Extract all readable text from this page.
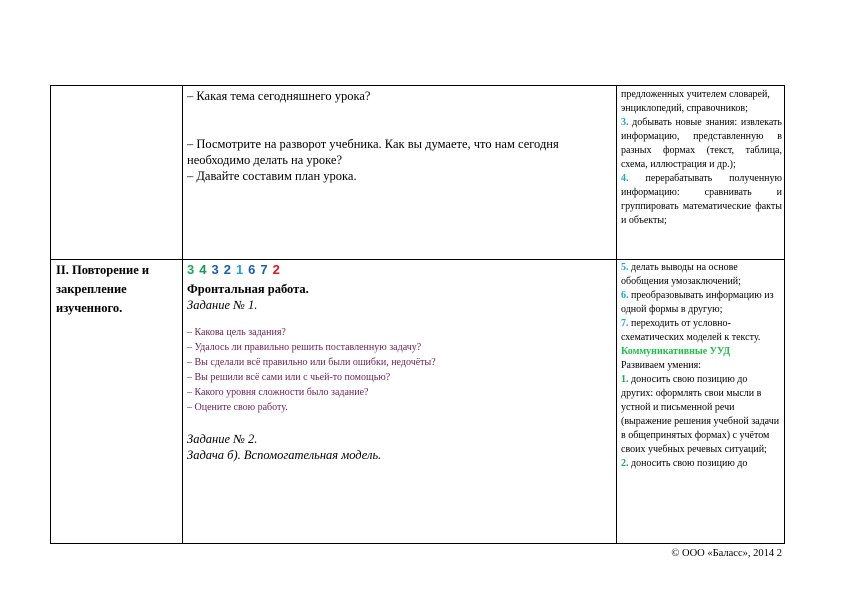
– Какая тема сегодняшнего урока?

– Посмотрите на разворот учебника. Как вы думаете, что нам сегодня необходимо делать на уроке?

– Давайте составим план урока.

предложенных учителем словарей, энциклопедий, справочников;

3. добывать новые знания: извлекать информацию, представленную в разных формах (текст, таблица, схема, иллюстрация и др.);

4. перерабатывать полученную информацию: сравнивать и группировать математические факты и объекты;

II. Повторение и закрепление изученного.

3 4 3 2 1 6 7 2

Фронтальная работа.

Задание № 1.

– Какова цель задания?

– Удалось ли правильно решить поставленную задачу?

– Вы сделали всё правильно или были ошибки, недочёты?

– Вы решили всё сами или с чьей-то помощью?

– Какого уровня сложности было задание?

– Оцените свою работу.

Задание № 2.

Задача б). Вспомогательная модель.

5. делать выводы на основе обобщения умозаключений;

6. преобразовывать информацию из одной формы в другую;

7. переходить от условно-схематических моделей к тексту.

Коммуникативные УУД

Развиваем умения:

1. доносить свою позицию до других: оформлять свои мысли в устной и письменной речи (выражение решения учебной задачи в общепринятых формах) с учётом своих учебных речевых ситуаций;

2. доносить свою позицию до

© ООО «Баласс», 2014 2
